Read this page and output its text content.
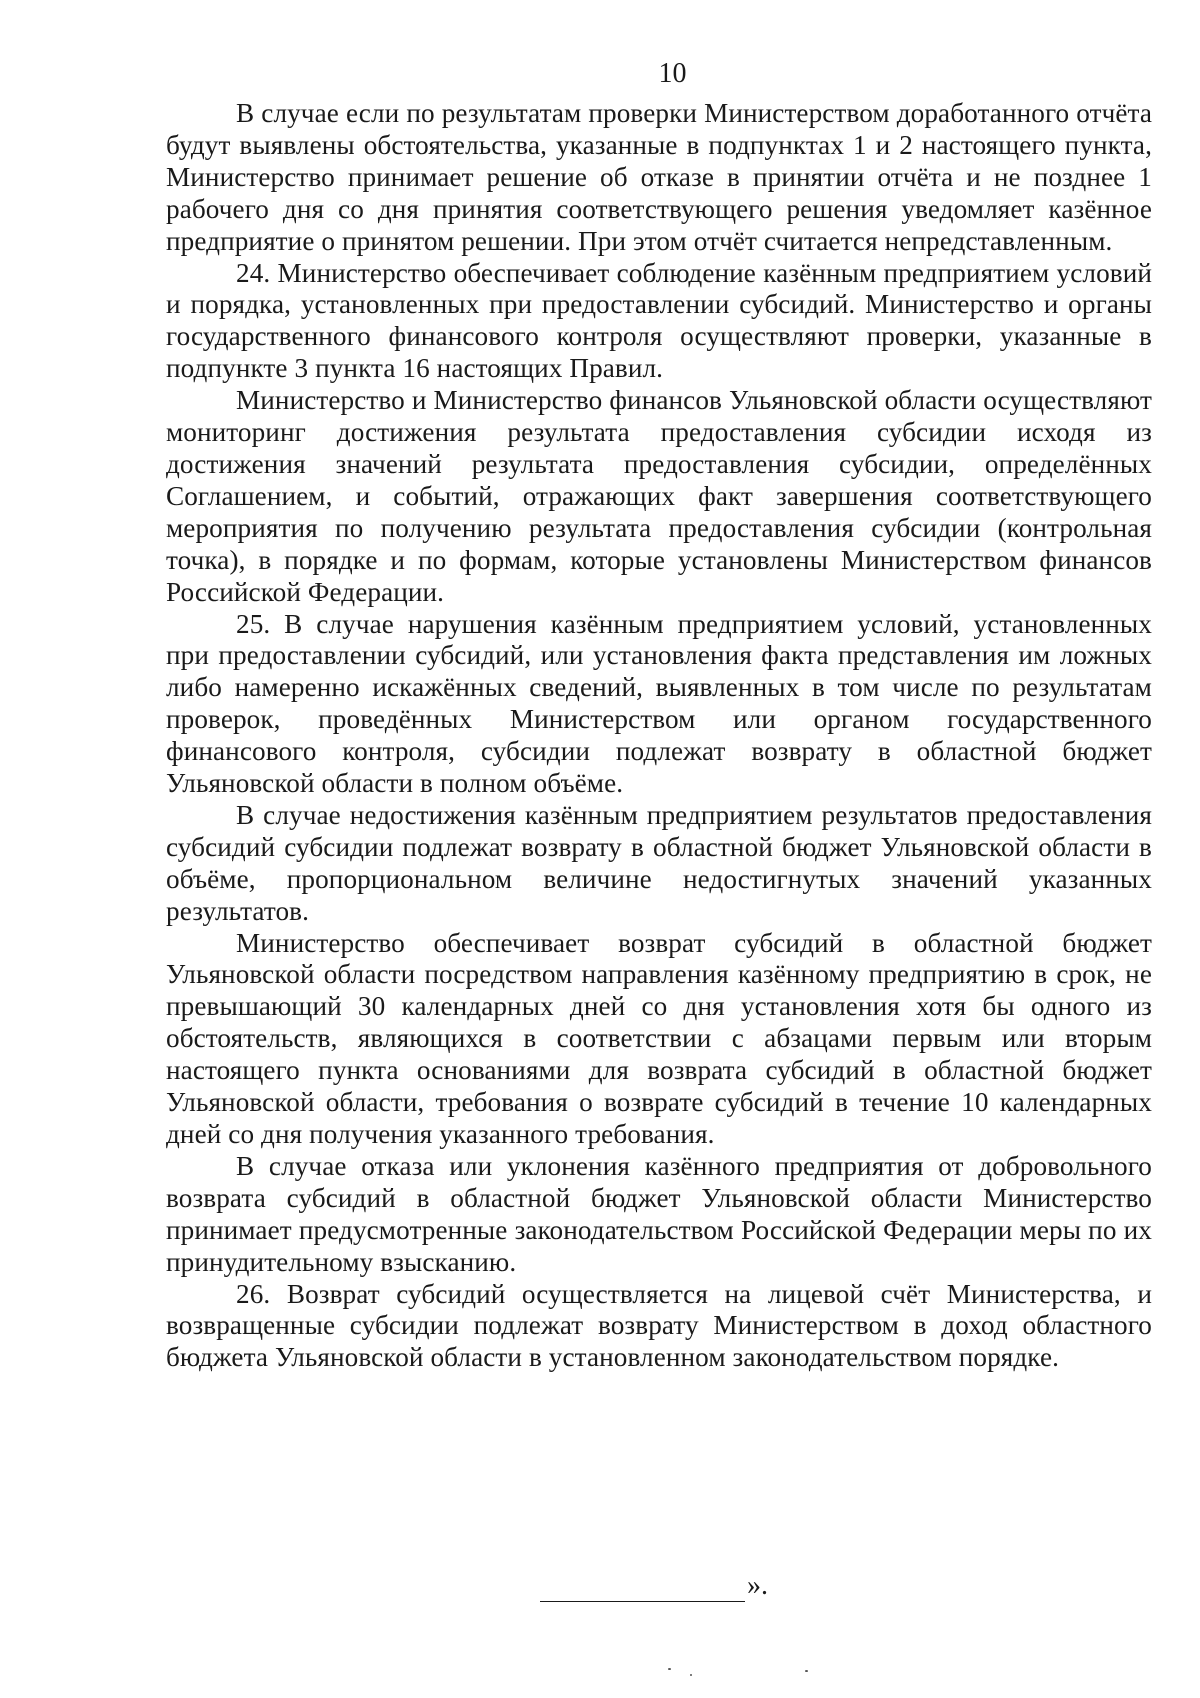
10

В случае если по результатам проверки Министерством доработанного отчёта будут выявлены обстоятельства, указанные в подпунктах 1 и 2 настоящего пункта, Министерство принимает решение об отказе в принятии отчёта и не позднее 1 рабочего дня со дня принятия соответствующего решения уведомляет казённое предприятие о принятом решении. При этом отчёт считается непредставленным.

24. Министерство обеспечивает соблюдение казённым предприятием условий и порядка, установленных при предоставлении субсидий. Министерство и органы государственного финансового контроля осуществляют проверки, указанные в подпункте 3 пункта 16 настоящих Правил.

Министерство и Министерство финансов Ульяновской области осуществляют мониторинг достижения результата предоставления субсидии исходя из достижения значений результата предоставления субсидии, определённых Соглашением, и событий, отражающих факт завершения соответствующего мероприятия по получению результата предоставления субсидии (контрольная точка), в порядке и по формам, которые установлены Министерством финансов Российской Федерации.

25. В случае нарушения казённым предприятием условий, установленных при предоставлении субсидий, или установления факта представления им ложных либо намеренно искажённых сведений, выявленных в том числе по результатам проверок, проведённых Министерством или органом государственного финансового контроля, субсидии подлежат возврату в областной бюджет Ульяновской области в полном объёме.

В случае недостижения казённым предприятием результатов предоставления субсидий субсидии подлежат возврату в областной бюджет Ульяновской области в объёме, пропорциональном величине недостигнутых значений указанных результатов.

Министерство обеспечивает возврат субсидий в областной бюджет Ульяновской области посредством направления казённому предприятию в срок, не превышающий 30 календарных дней со дня установления хотя бы одного из обстоятельств, являющихся в соответствии с абзацами первым или вторым настоящего пункта основаниями для возврата субсидий в областной бюджет Ульяновской области, требования о возврате субсидий в течение 10 календарных дней со дня получения указанного требования.

В случае отказа или уклонения казённого предприятия от добровольного возврата субсидий в областной бюджет Ульяновской области Министерство принимает предусмотренные законодательством Российской Федерации меры по их принудительному взысканию.

26. Возврат субсидий осуществляется на лицевой счёт Министерства, и возвращенные субсидии подлежат возврату Министерством в доход областного бюджета Ульяновской области в установленном законодательством порядке.

».
